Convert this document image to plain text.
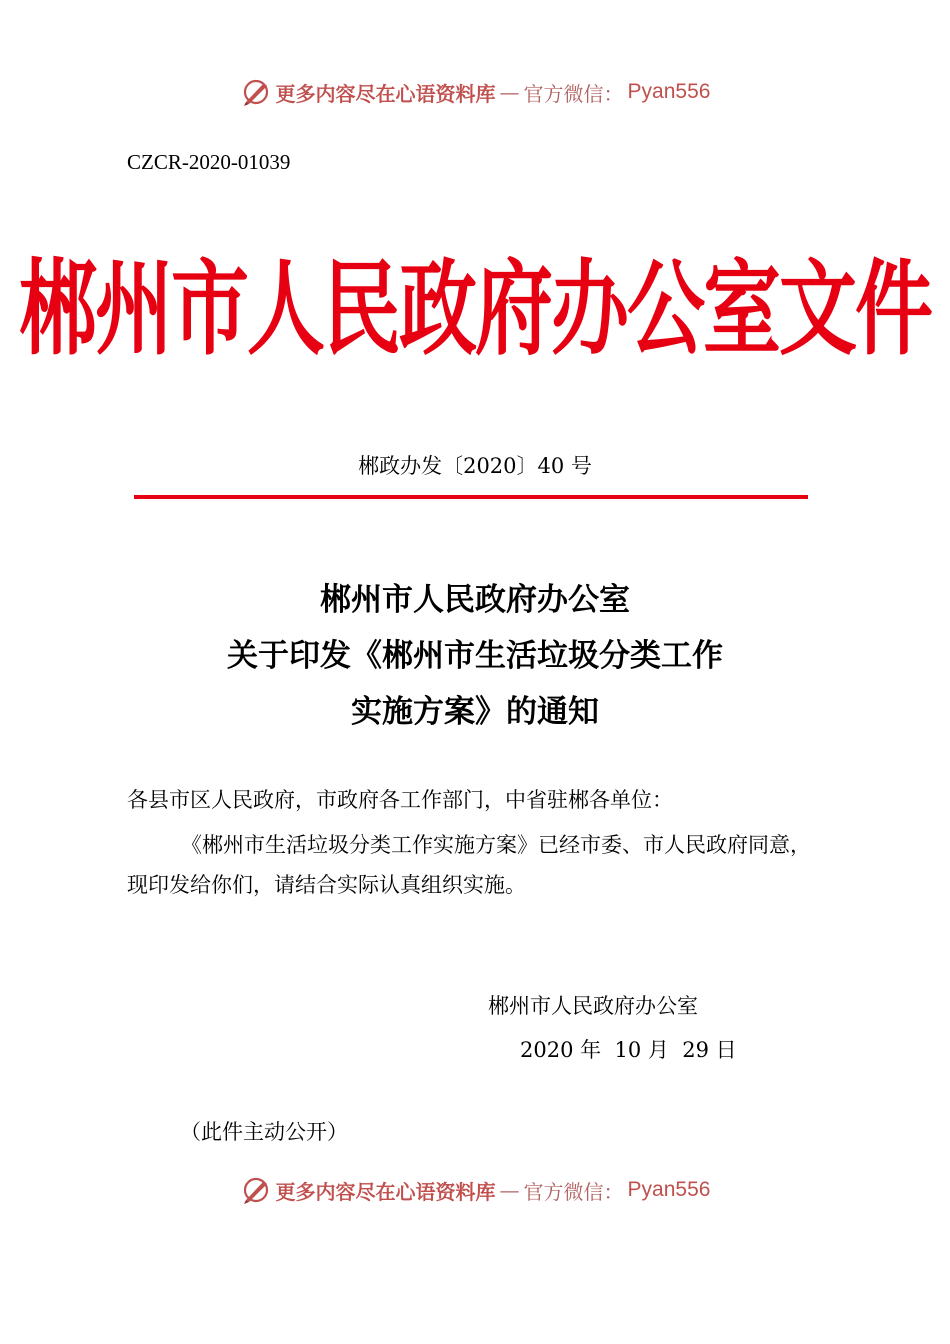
更多内容尽在心语资料库 — 官方微信： Pyan556
CZCR-2020-01039
郴州市人民政府办公室文件
郴政办发〔2020〕40 号
郴州市人民政府办公室
关于印发《郴州市生活垃圾分类工作
实施方案》的通知
各县市区人民政府，市政府各工作部门，中省驻郴各单位：
《郴州市生活垃圾分类工作实施方案》已经市委、市人民政府同意，现印发给你们，请结合实际认真组织实施。
郴州市人民政府办公室
2020 年  10 月  29 日
（此件主动公开）
更多内容尽在心语资料库 — 官方微信： Pyan556
